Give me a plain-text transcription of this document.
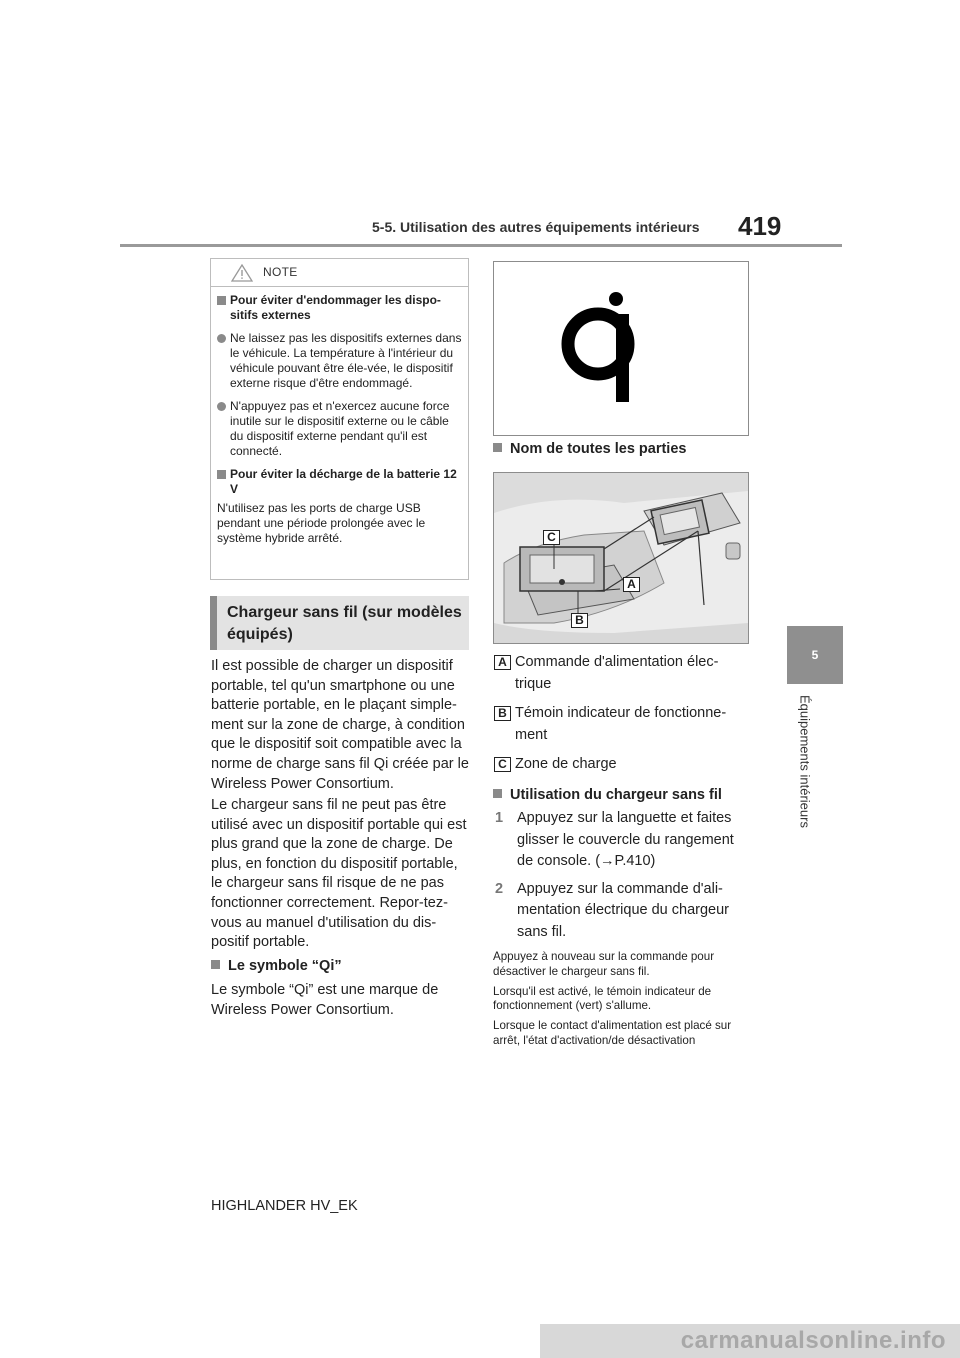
5-5. Utilisation des autres équipements intérieurs 419
5
Équipements intérieurs
NOTE
Pour éviter d'endommager les dispo-sitifs externes
Ne laissez pas les dispositifs externes dans le véhicule. La température à l'intérieur du véhicule pouvant être éle-vée, le dispositif externe risque d'être endommagé.
N'appuyez pas et n'exercez aucune force inutile sur le dispositif externe ou le câble du dispositif externe pendant qu'il est connecté.
Pour éviter la décharge de la batterie 12 V
N'utilisez pas les ports de charge USB pendant une période prolongée avec le système hybride arrêté.
Chargeur sans fil (sur modèles équipés)
Il est possible de charger un dispositif portable, tel qu'un smartphone ou une batterie portable, en le plaçant simple-ment sur la zone de charge, à condition que le dispositif soit compatible avec la norme de charge sans fil Qi créée par le Wireless Power Consortium.
Le chargeur sans fil ne peut pas être utilisé avec un dispositif portable qui est plus grand que la zone de charge. De plus, en fonction du dispositif portable, le chargeur sans fil risque de ne pas fonctionner correctement. Repor-tez-vous au manuel d'utilisation du dis-positif portable.
Le symbole “Qi”
Le symbole “Qi” est une marque de Wireless Power Consortium.
Nom de toutes les parties
C
A
B
A Commande d'alimentation élec-trique
B Témoin indicateur de fonctionne-ment
C Zone de charge
Utilisation du chargeur sans fil
1 Appuyez sur la languette et faites glisser le couvercle du rangement de console. (→P.410)
2 Appuyez sur la commande d'ali-mentation électrique du chargeur sans fil.

Appuyez à nouveau sur la commande pour désactiver le chargeur sans fil.

Lorsqu'il est activé, le témoin indicateur de fonctionnement (vert) s'allume.

Lorsque le contact d'alimentation est placé sur arrêt, l'état d'activation/de désactivation

HIGHLANDER HV_EK
carmanualsonline.info
